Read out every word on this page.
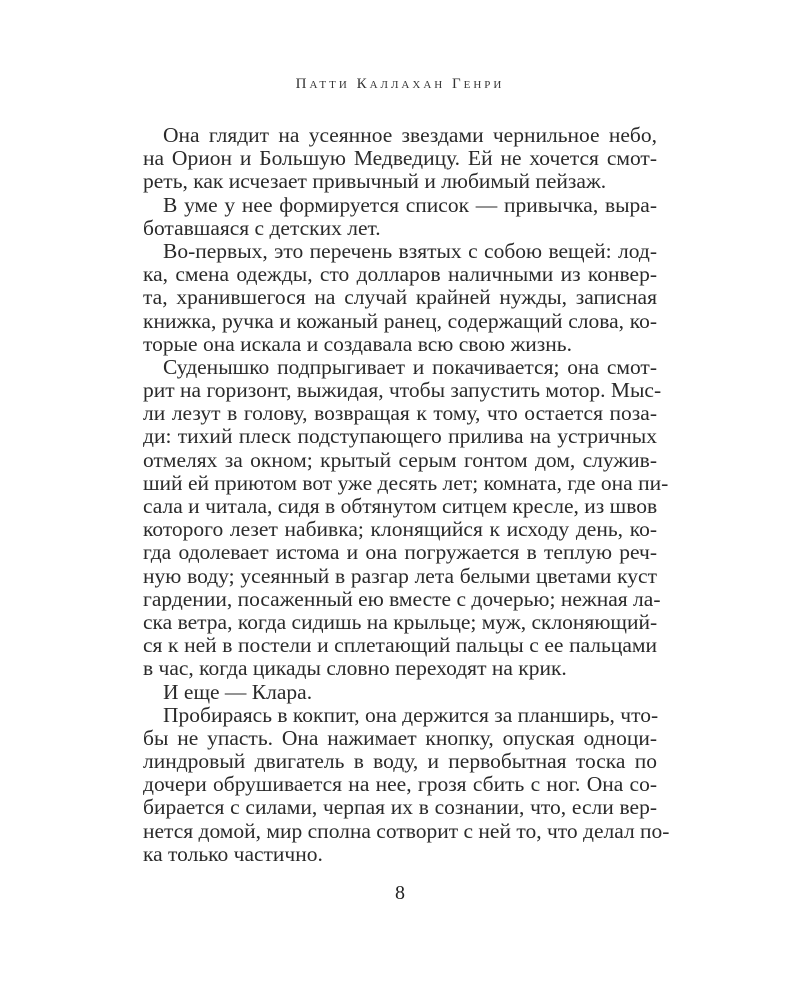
Патти Каллахан Генри
Она глядит на усеянное звездами чернильное небо,
на Орион и Большую Медведицу. Ей не хочется смот-
реть, как исчезает привычный и любимый пейзаж.
В уме у нее формируется список — привычка, выра-
ботавшаяся с детских лет.
Во-первых, это перечень взятых с собою вещей: лод-
ка, смена одежды, сто долларов наличными из конвер-
та, хранившегося на случай крайней нужды, записная
книжка, ручка и кожаный ранец, содержащий слова, ко-
торые она искала и создавала всю свою жизнь.
Суденышко подпрыгивает и покачивается; она смот-
рит на горизонт, выжидая, чтобы запустить мотор. Мыс-
ли лезут в голову, возвращая к тому, что остается поза-
ди: тихий плеск подступающего прилива на устричных
отмелях за окном; крытый серым гонтом дом, служив-
ший ей приютом вот уже десять лет; комната, где она пи-
сала и читала, сидя в обтянутом ситцем кресле, из швов
которого лезет набивка; клонящийся к исходу день, ко-
гда одолевает истома и она погружается в теплую реч-
ную воду; усеянный в разгар лета белыми цветами куст
гардении, посаженный ею вместе с дочерью; нежная ла-
ска ветра, когда сидишь на крыльце; муж, склоняющий-
ся к ней в постели и сплетающий пальцы с ее пальцами
в час, когда цикады словно переходят на крик.
И еще — Клара.
Пробираясь в кокпит, она держится за планширь, что-
бы не упасть. Она нажимает кнопку, опуская одноци-
линдровый двигатель в воду, и первобытная тоска по
дочери обрушивается на нее, грозя сбить с ног. Она со-
бирается с силами, черпая их в сознании, что, если вер-
нется домой, мир сполна сотворит с ней то, что делал по-
ка только частично.
8
